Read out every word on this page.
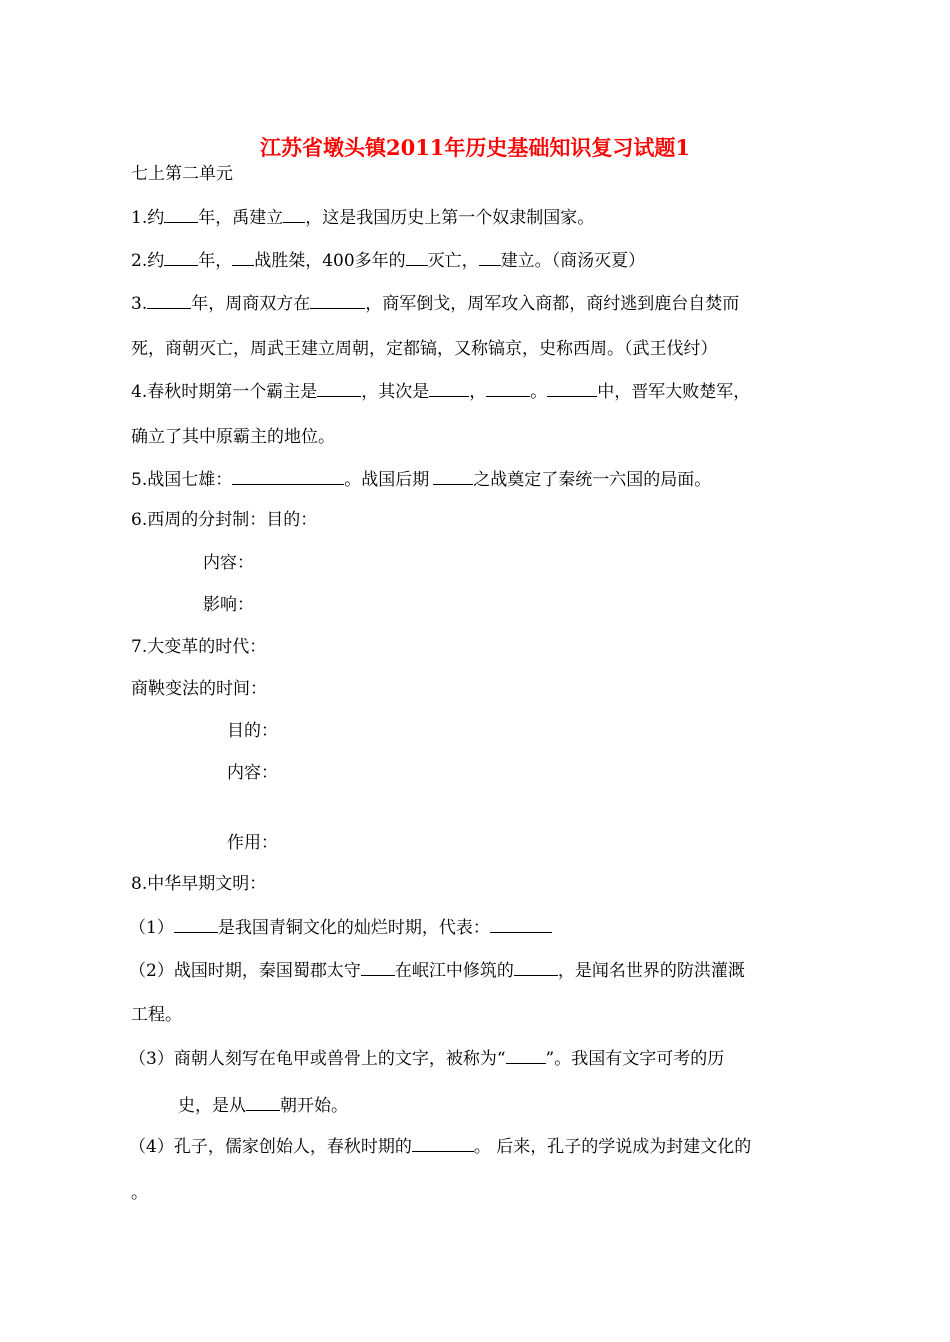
江苏省墩头镇2011年历史基础知识复习试题1
七上第二单元
1.约 年，禹建立 ，这是我国历史上第一个奴隶制国家。
2.约 年， 战胜桀，400多年的 灭亡， 建立。（商汤灭夏）
3.	年，周商双方在	，商军倒戈，周军攻入商都，商纣逃到鹿台自焚而
死，商朝灭亡，周武王建立周朝，定都镐，又称镐京，史称西周。（武王伐纣）
4.春秋时期第一个霸主是	，其次是 ，	。	中，晋军大败楚军，
确立了其中原霸主的地位。
5.战国七雄：	。战国后期	之战奠定了秦统一六国的局面。
6.西周的分封制：目的：
内容：
影响：
7.大变革的时代：
商鞅变法的时间：
目的：
内容：
作用：
8.中华早期文明：
（1）	是我国青铜文化的灿烂时期，代表：
（2）战国时期，秦国蜀郡太守 在岷江中修筑的	，是闻名世界的防洪灌溉
工程。
（3）商朝人刻写在龟甲或兽骨上的文字，被称为“ ”。我国有文字可考的历
史，是从 朝开始。
（4）孔子，儒家创始人，春秋时期的	。 后来，孔子的学说成为封建文化的
。
